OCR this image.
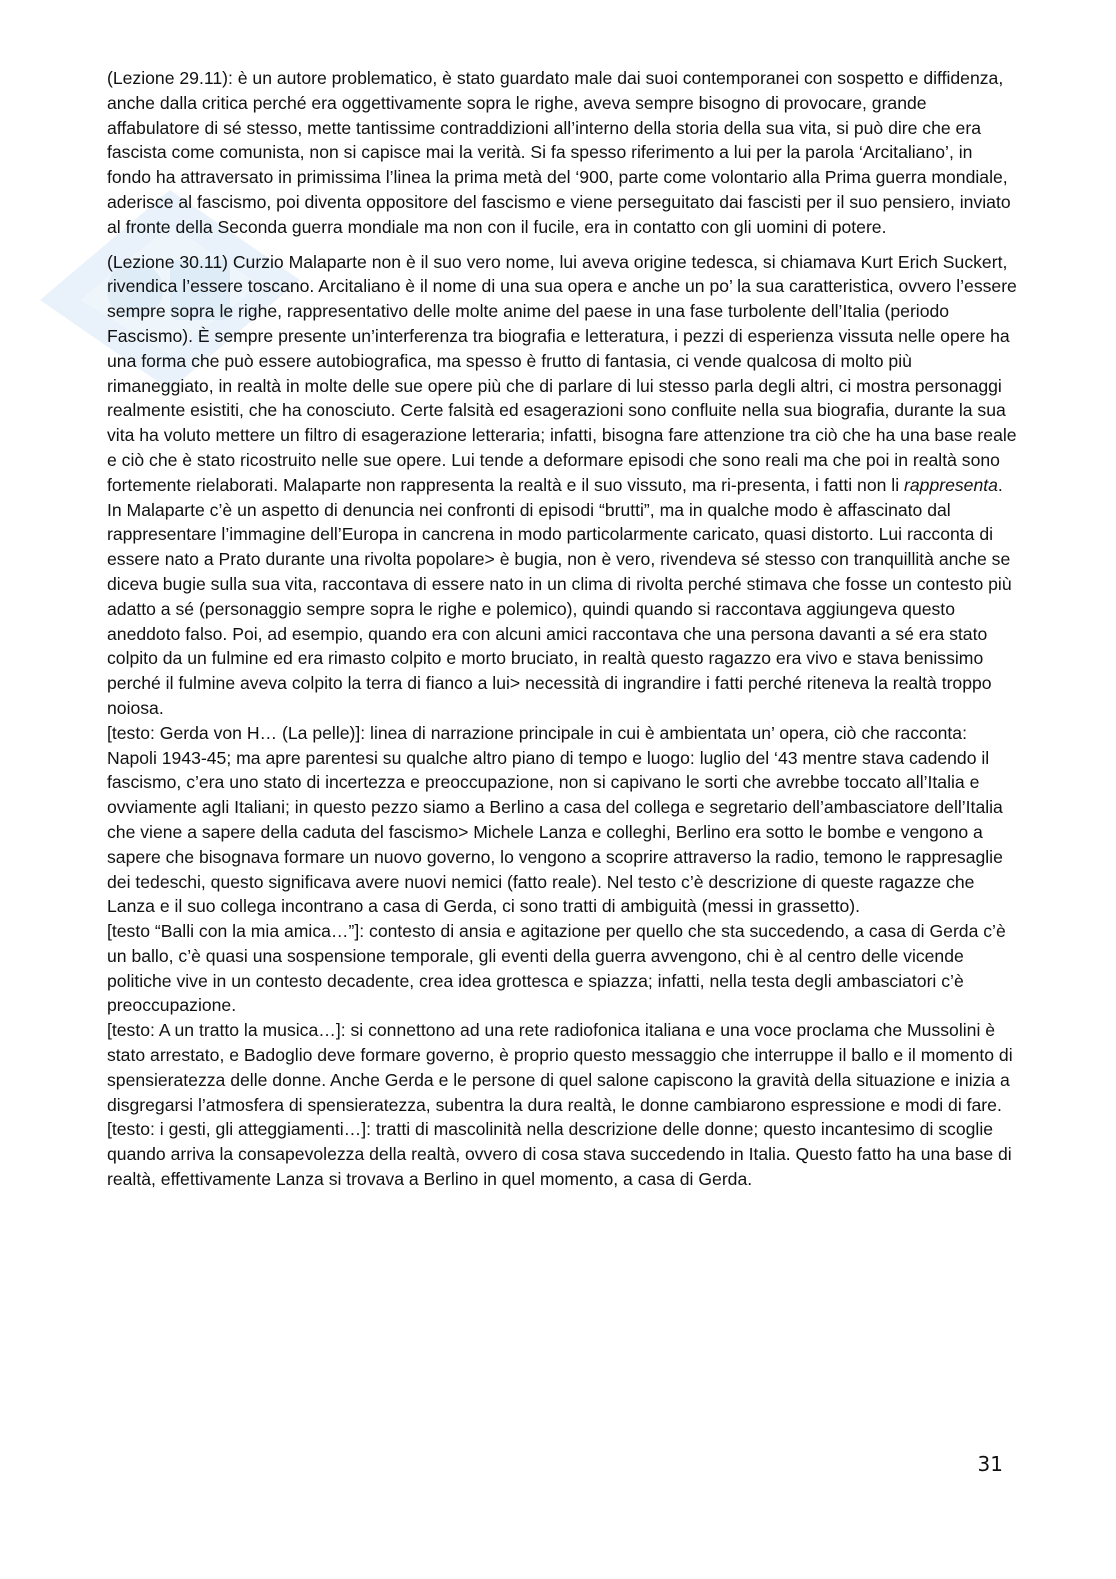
(Lezione 29.11): è un autore problematico, è stato guardato male dai suoi contemporanei con sospetto e diffidenza, anche dalla critica perché era oggettivamente sopra le righe, aveva sempre bisogno di provocare, grande affabulatore di sé stesso, mette tantissime contraddizioni all’interno della storia della sua vita, si può dire che era fascista come comunista, non si capisce mai la verità. Si fa spesso riferimento a lui per la parola ‘Arcitaliano’, in fondo ha attraversato in primissima l’linea la prima metà del ‘900, parte come volontario alla Prima guerra mondiale, aderisce al fascismo, poi diventa oppositore del fascismo e viene perseguitato dai fascisti per il suo pensiero, inviato al fronte della Seconda guerra mondiale ma non con il fucile, era in contatto con gli uomini di potere.

(Lezione 30.11) Curzio Malaparte non è il suo vero nome, lui aveva origine tedesca, si chiamava Kurt Erich Suckert, rivendica l’essere toscano. Arcitaliano è il nome di una sua opera e anche un po’ la sua caratteristica, ovvero l’essere sempre sopra le righe, rappresentativo delle molte anime del paese in una fase turbolente dell’Italia (periodo Fascismo). È sempre presente un’interferenza tra biografia e letteratura, i pezzi di esperienza vissuta nelle opere ha una forma che può essere autobiografica, ma spesso è frutto di fantasia, ci vende qualcosa di molto più rimaneggiato, in realtà in molte delle sue opere più che di parlare di lui stesso parla degli altri, ci mostra personaggi realmente esistiti, che ha conosciuto. Certe falsità ed esagerazioni sono confluite nella sua biografia, durante la sua vita ha voluto mettere un filtro di esagerazione letteraria; infatti, bisogna fare attenzione tra ciò che ha una base reale e ciò che è stato ricostruito nelle sue opere. Lui tende a deformare episodi che sono reali ma che poi in realtà sono fortemente rielaborati. Malaparte non rappresenta la realtà e il suo vissuto, ma ri-presenta, i fatti non li rappresenta. In Malaparte c’è un aspetto di denuncia nei confronti di episodi “brutti”, ma in qualche modo è affascinato dal rappresentare l’immagine dell’Europa in cancrena in modo particolarmente caricato, quasi distorto. Lui racconta di essere nato a Prato durante una rivolta popolare> è bugia, non è vero, rivendeva sé stesso con tranquillità anche se diceva bugie sulla sua vita, raccontava di essere nato in un clima di rivolta perché stimava che fosse un contesto più adatto a sé (personaggio sempre sopra le righe e polemico), quindi quando si raccontava aggiungeva questo aneddoto falso. Poi, ad esempio, quando era con alcuni amici raccontava che una persona davanti a sé era stato colpito da un fulmine ed era rimasto colpito e morto bruciato, in realtà questo ragazzo era vivo e stava benissimo perché il fulmine aveva colpito la terra di fianco a lui> necessità di ingrandire i fatti perché riteneva la realtà troppo noiosa.

[testo: Gerda von H… (La pelle)]: linea di narrazione principale in cui è ambientata un’ opera, ciò che racconta: Napoli 1943-45; ma apre parentesi su qualche altro piano di tempo e luogo: luglio del ‘43 mentre stava cadendo il fascismo, c’era uno stato di incertezza e preoccupazione, non si capivano le sorti che avrebbe toccato all’Italia e ovviamente agli Italiani; in questo pezzo siamo a Berlino a casa del collega e segretario dell’ambasciatore dell’Italia che viene a sapere della caduta del fascismo> Michele Lanza e colleghi, Berlino era sotto le bombe e vengono a sapere che bisognava formare un nuovo governo, lo vengono a scoprire attraverso la radio, temono le rappresaglie dei tedeschi, questo significava avere nuovi nemici (fatto reale). Nel testo c’è descrizione di queste ragazze che Lanza e il suo collega incontrano a casa di Gerda, ci sono tratti di ambiguità (messi in grassetto).

[testo “Balli con la mia amica…”]: contesto di ansia e agitazione per quello che sta succedendo, a casa di Gerda c’è un ballo, c’è quasi una sospensione temporale, gli eventi della guerra avvengono, chi è al centro delle vicende politiche vive in un contesto decadente, crea idea grottesca e spiazza; infatti, nella testa degli ambasciatori c’è preoccupazione.

[testo: A un tratto la musica…]: si connettono ad una rete radiofonica italiana e una voce proclama che Mussolini è stato arrestato, e Badoglio deve formare governo, è proprio questo messaggio che interruppe il ballo e il momento di spensieratezza delle donne. Anche Gerda e le persone di quel salone capiscono la gravità della situazione e inizia a disgregarsi l’atmosfera di spensieratezza, subentra la dura realtà, le donne cambiarono espressione e modi di fare.

[testo: i gesti, gli atteggiamenti…]: tratti di mascolinità nella descrizione delle donne; questo incantesimo di scoglie quando arriva la consapevolezza della realtà, ovvero di cosa stava succedendo in Italia. Questo fatto ha una base di realtà, effettivamente Lanza si trovava a Berlino in quel momento, a casa di Gerda.

31
